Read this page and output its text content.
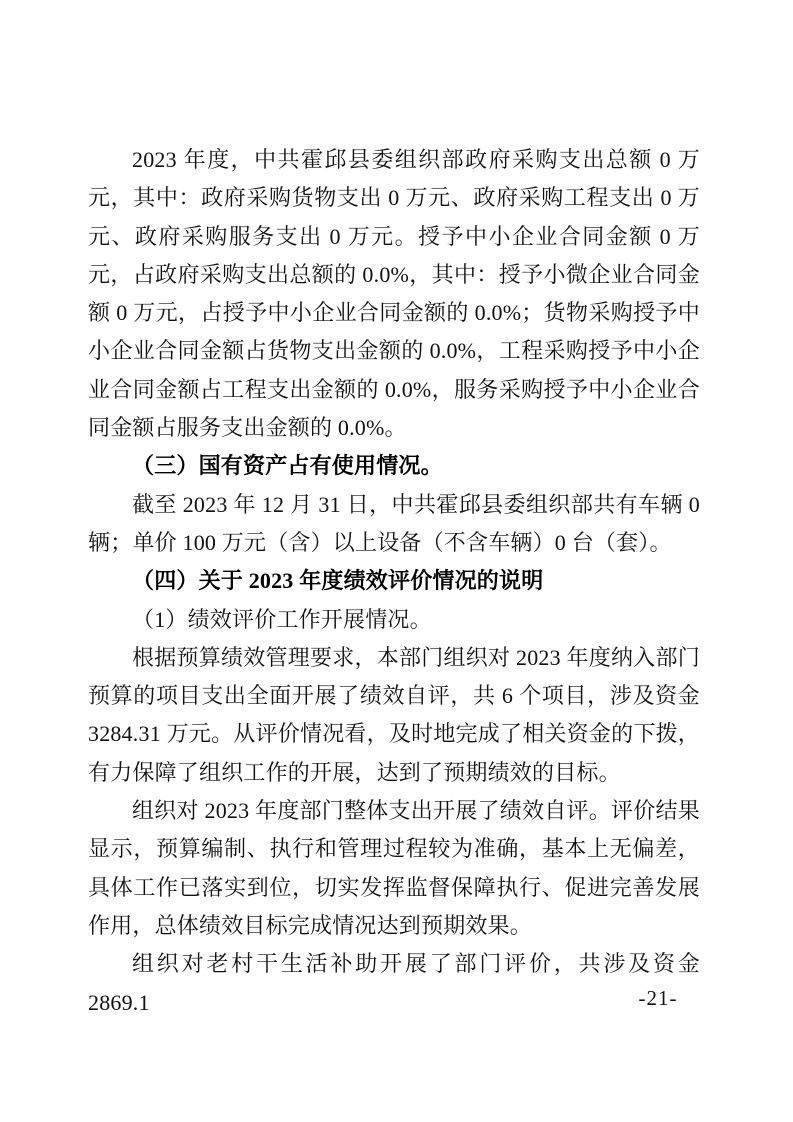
2023 年度，中共霍邱县委组织部政府采购支出总额 0 万元，其中：政府采购货物支出 0 万元、政府采购工程支出 0 万元、政府采购服务支出 0 万元。授予中小企业合同金额 0 万元，占政府采购支出总额的 0.0%，其中：授予小微企业合同金额 0 万元，占授予中小企业合同金额的 0.0%；货物采购授予中小企业合同金额占货物支出金额的 0.0%，工程采购授予中小企业合同金额占工程支出金额的 0.0%，服务采购授予中小企业合同金额占服务支出金额的 0.0%。

（三）国有资产占有使用情况。

截至 2023 年 12 月 31 日，中共霍邱县委组织部共有车辆 0 辆；单价 100 万元（含）以上设备（不含车辆）0 台（套）。

（四）关于 2023 年度绩效评价情况的说明

（1）绩效评价工作开展情况。

根据预算绩效管理要求，本部门组织对 2023 年度纳入部门预算的项目支出全面开展了绩效自评，共 6 个项目，涉及资金 3284.31 万元。从评价情况看，及时地完成了相关资金的下拨，有力保障了组织工作的开展，达到了预期绩效的目标。

组织对 2023 年度部门整体支出开展了绩效自评。评价结果显示，预算编制、执行和管理过程较为准确，基本上无偏差，具体工作已落实到位，切实发挥监督保障执行、促进完善发展作用，总体绩效目标完成情况达到预期效果。

组织对老村干生活补助开展了部门评价，共涉及资金 2869.1	-21-
